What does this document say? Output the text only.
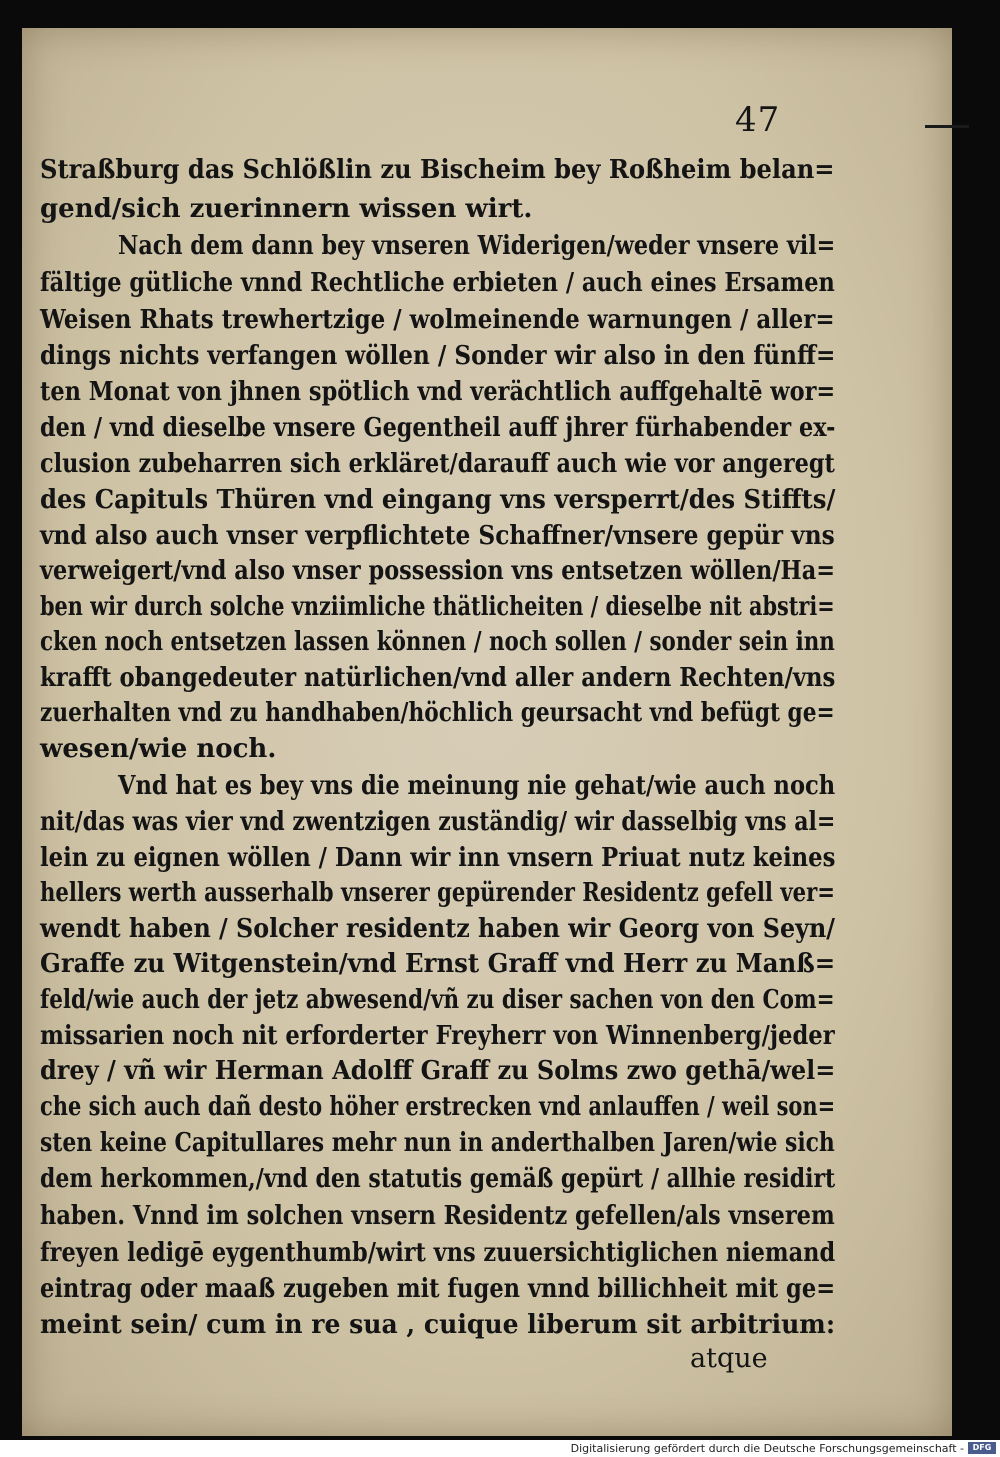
47
Straßburg das Schlößlin zu Bischeim bey Roßheim belan=
gend/sich zuerinnern wissen wirt.
Nach dem dann bey vnseren Widerigen/weder vnsere vil=
fältige gütliche vnnd Rechtliche erbieten / auch eines Ersamen
Weisen Rhats trewhertzige / wolmeinende warnungen / aller=
dings nichts verfangen wöllen / Sonder wir also in den fünff=
ten Monat von jhnen spötlich vnd verächtlich auffgehaltē wor=
den / vnd dieselbe vnsere Gegentheil auff jhrer fürhabender ex-
clusion zubeharren sich erkläret/darauff auch wie vor angeregt
des Capituls Thüren vnd eingang vns versperrt/des Stiffts/
vnd also auch vnser verpflichtete Schaffner/vnsere gepür vns
verweigert/vnd also vnser possession vns entsetzen wöllen/Ha=
ben wir durch solche vnziimliche thätlicheiten / dieselbe nit abstri=
cken noch entsetzen lassen können / noch sollen / sonder sein inn
krafft obangedeuter natürlichen/vnd aller andern Rechten/vns
zuerhalten vnd zu handhaben/höchlich geursacht vnd befügt ge=
wesen/wie noch.
Vnd hat es bey vns die meinung nie gehat/wie auch noch
nit/das was vier vnd zwentzigen zuständig/ wir dasselbig vns al=
lein zu eignen wöllen / Dann wir inn vnsern Priuat nutz keines
hellers werth ausserhalb vnserer gepürender Residentz gefell ver=
wendt haben / Solcher residentz haben wir Georg von Seyn/
Graffe zu Witgenstein/vnd Ernst Graff vnd Herr zu Manß=
feld/wie auch der jetz abwesend/vñ zu diser sachen von den Com=
missarien noch nit erforderter Freyherr von Winnenberg/jeder
drey / vñ wir Herman Adolff Graff zu Solms zwo gethā/wel=
che sich auch dañ desto höher erstrecken vnd anlauffen / weil son=
sten keine Capitullares mehr nun in anderthalben Jaren/wie sich
dem herkommen,/vnd den statutis gemäß gepürt / allhie residirt
haben. Vnnd im solchen vnsern Residentz gefellen/als vnserem
freyen ledigē eygenthumb/wirt vns zuuersichtiglichen niemand
eintrag oder maaß zugeben mit fugen vnnd billichheit mit ge=
meint sein/ cum in re sua , cuique liberum sit arbitrium:
atque
Digitalisierung gefördert durch die Deutsche Forschungsgemeinschaft -	DFG
